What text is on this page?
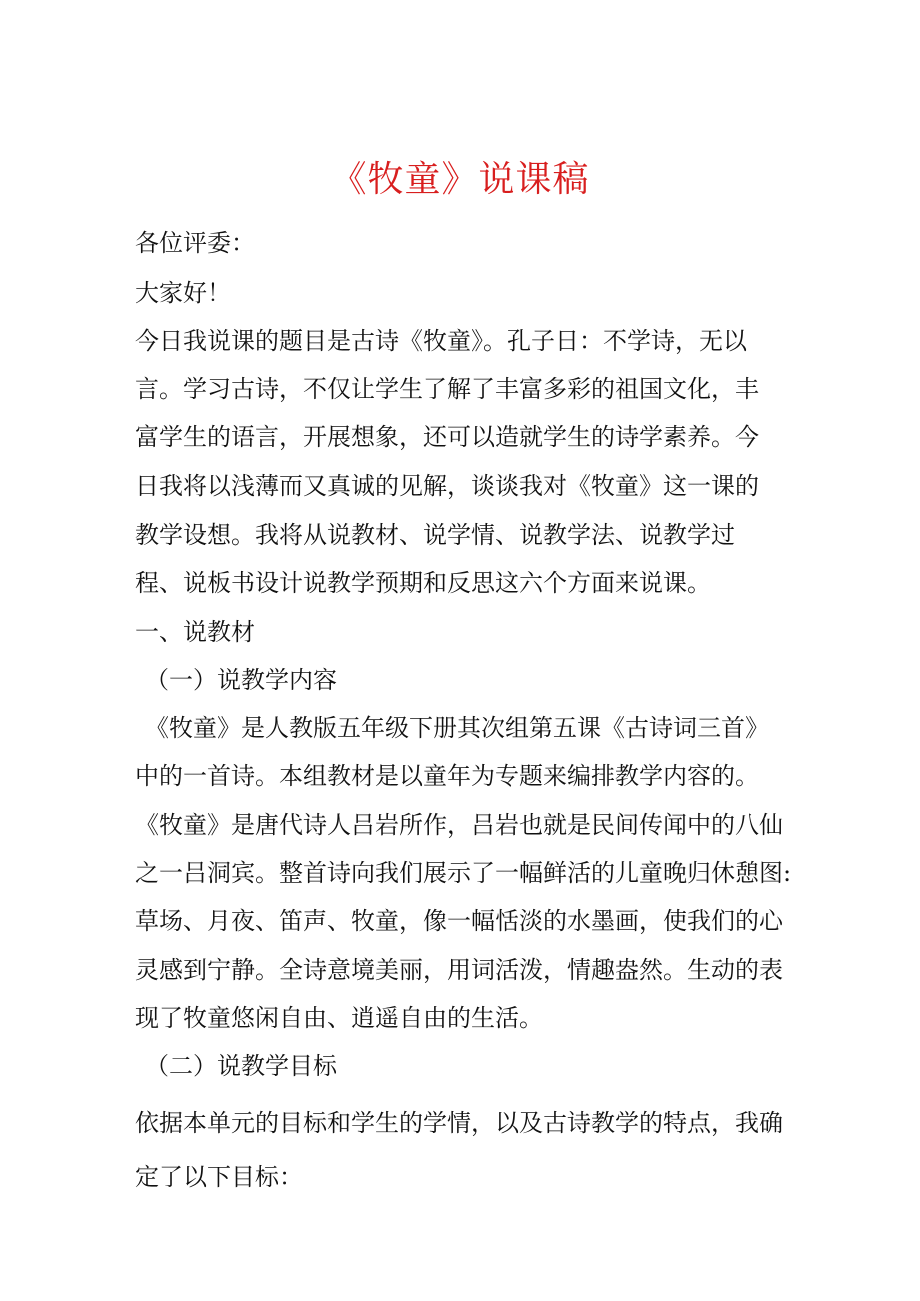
《牧童》说课稿
各位评委：
大家好！
今日我说课的题目是古诗《牧童》。孔子日：不学诗，无以
言。学习古诗，不仅让学生了解了丰富多彩的祖国文化，丰
富学生的语言，开展想象，还可以造就学生的诗学素养。今
日我将以浅薄而又真诚的见解，谈谈我对《牧童》这一课的
教学设想。我将从说教材、说学情、说教学法、说教学过
程、说板书设计说教学预期和反思这六个方面来说课。
一、说教材
（一）说教学内容
《牧童》是人教版五年级下册其次组第五课《古诗词三首》
中的一首诗。本组教材是以童年为专题来编排教学内容的。
《牧童》是唐代诗人吕岩所作，吕岩也就是民间传闻中的八仙
之一吕洞宾。整首诗向我们展示了一幅鲜活的儿童晚归休憩图:
草场、月夜、笛声、牧童，像一幅恬淡的水墨画，使我们的心
灵感到宁静。全诗意境美丽，用词活泼，情趣盎然。生动的表
现了牧童悠闲自由、逍遥自由的生活。
（二）说教学目标
依据本单元的目标和学生的学情，以及古诗教学的特点，我确
定了以下目标：
